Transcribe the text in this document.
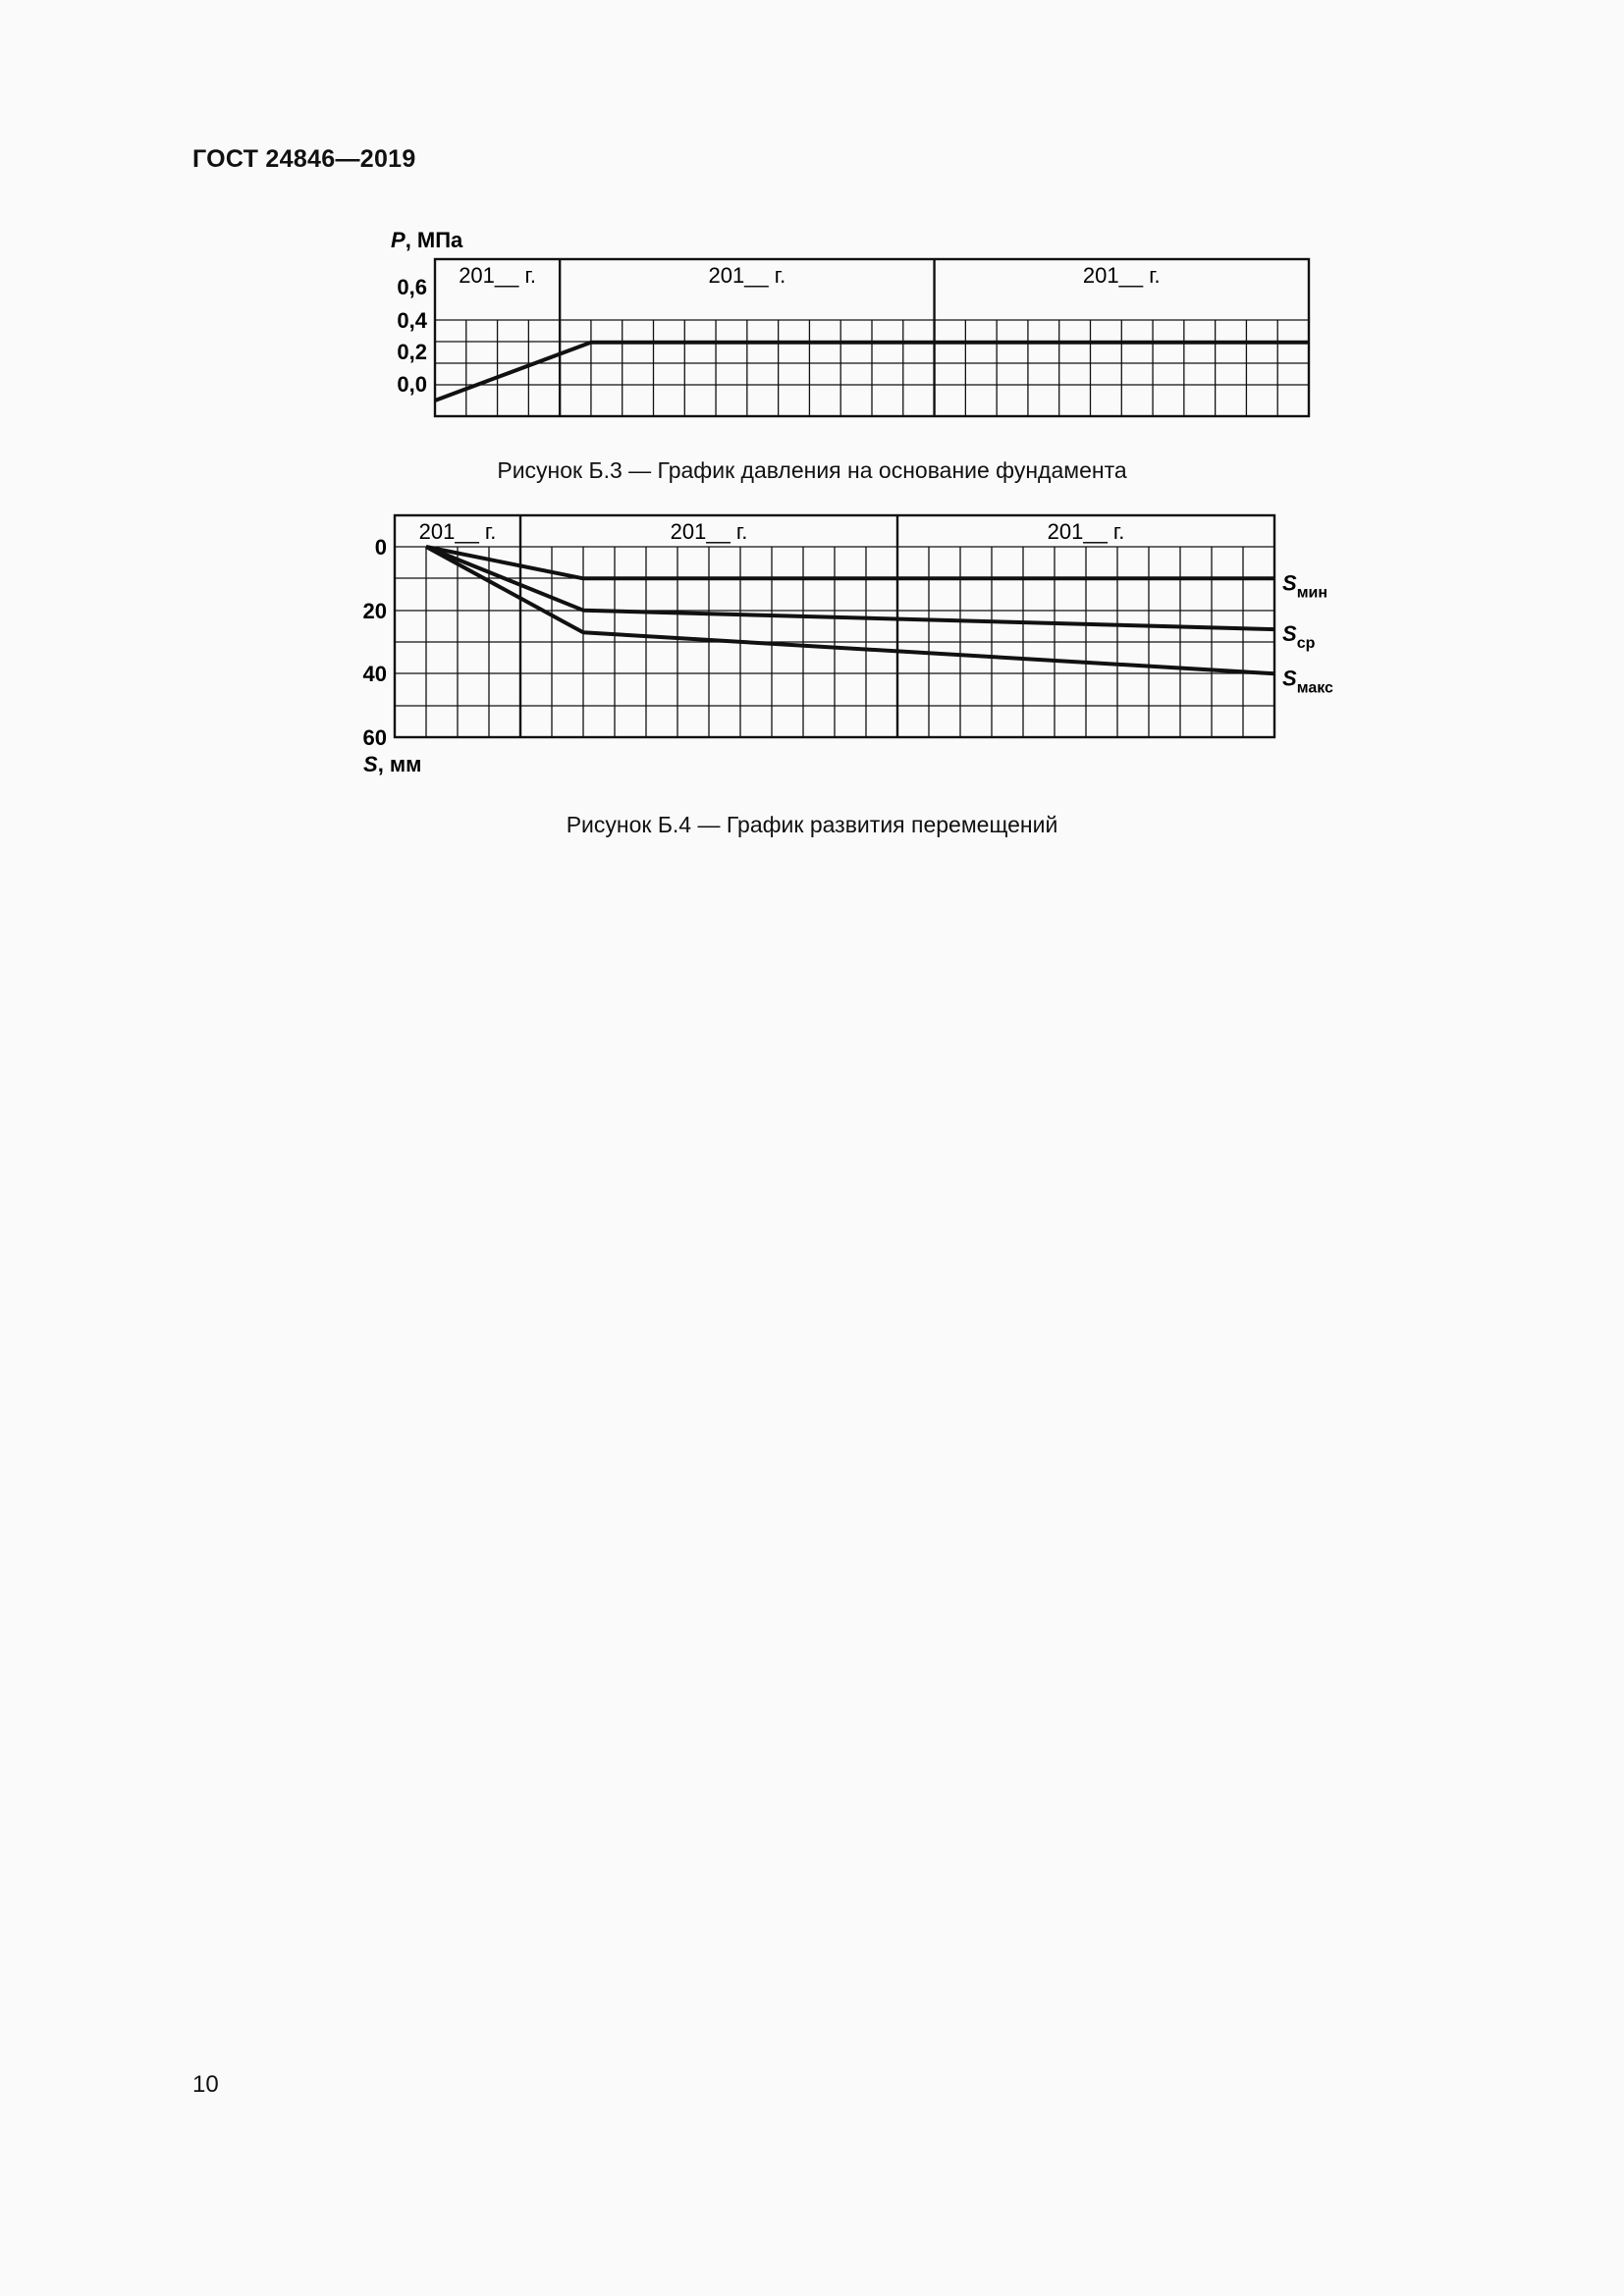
ГОСТ 24846—2019
201__ г.	201__ г.	201__ г.
0,6
0,4
0,2
0,0
P, МПа
Рисунок Б.3 — График давления на основание фундамента
201__ г.	201__ г.	201__ г.
0
20
40
60
S, мм
$S_{мин}$
$S_{ср}$
$S_{макс}$
Рисунок Б.4 — График развития перемещений
10
